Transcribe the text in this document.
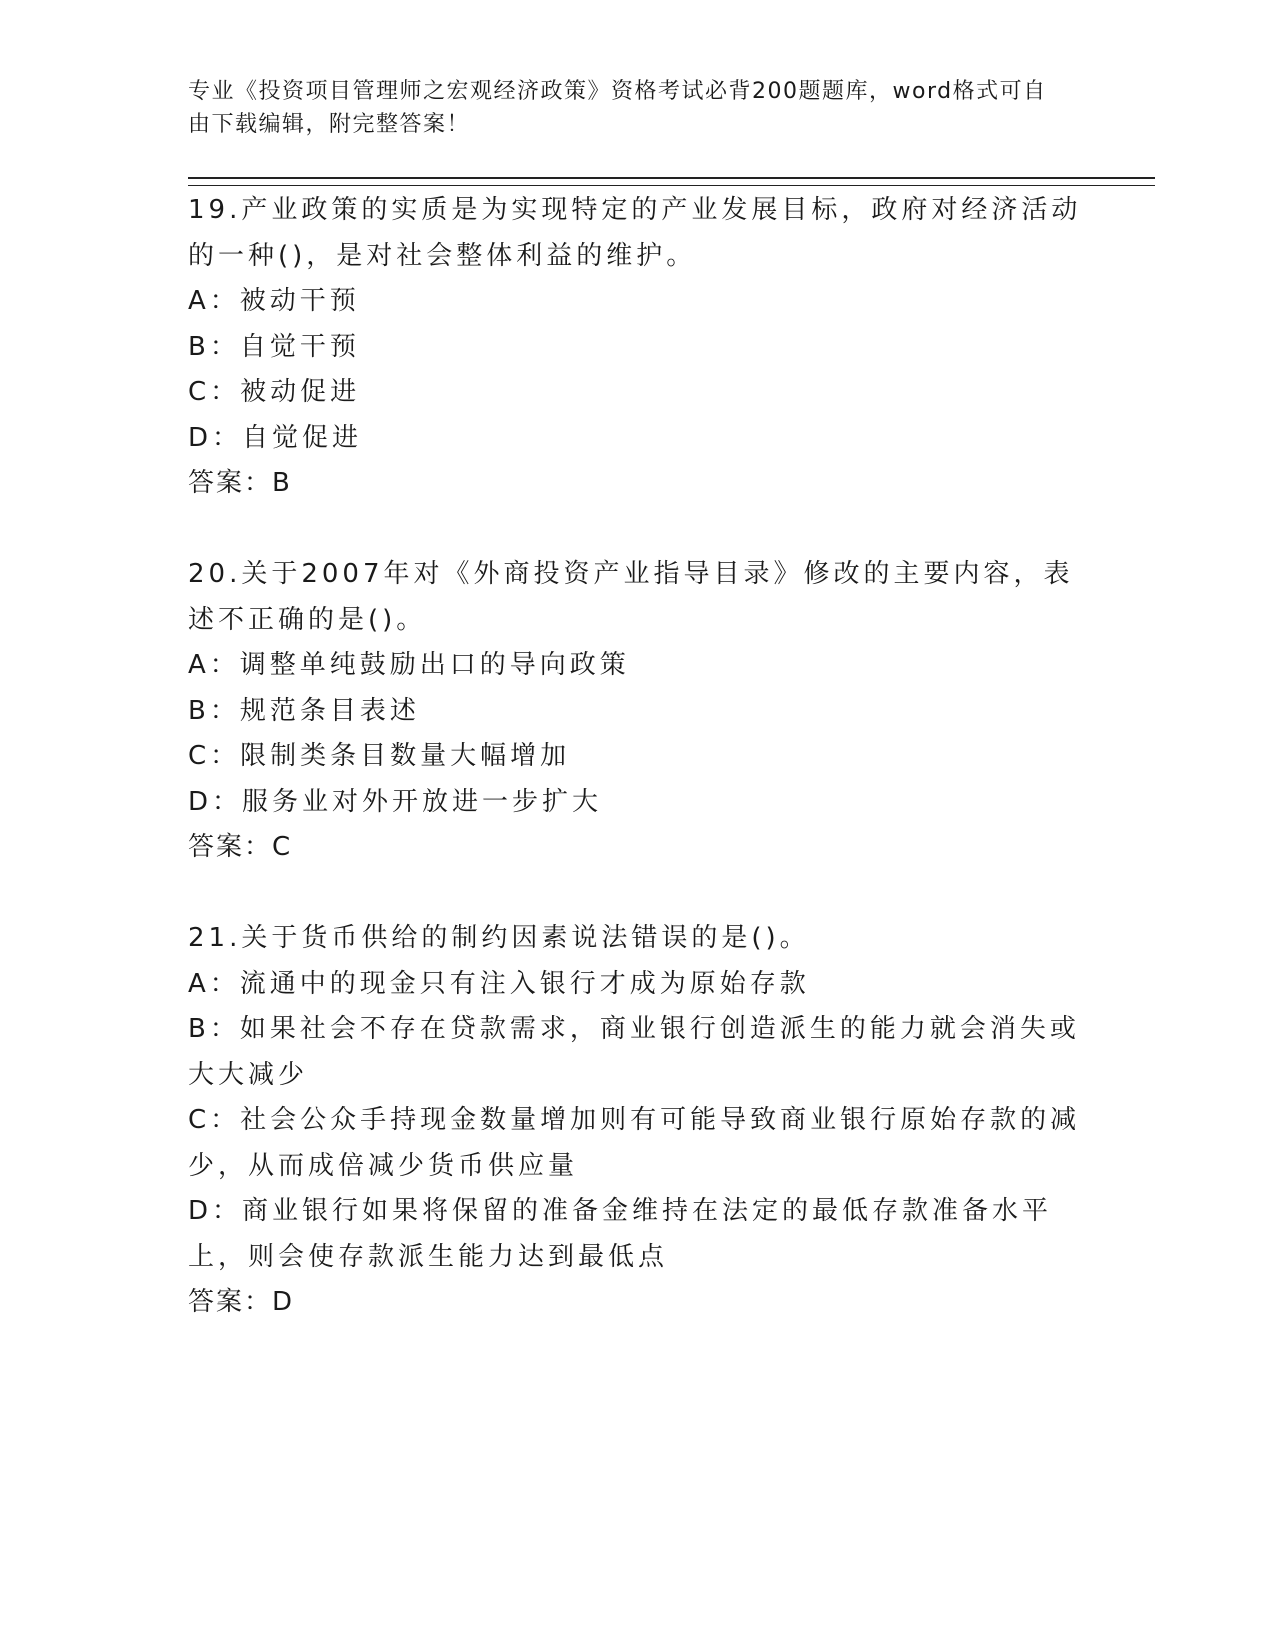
专业《投资项目管理师之宏观经济政策》资格考试必背200题题库，word格式可自由下载编辑，附完整答案！
19.产业政策的实质是为实现特定的产业发展目标，政府对经济活动的一种()，是对社会整体利益的维护。
A：被动干预
B：自觉干预
C：被动促进
D：自觉促进
答案：B
20.关于2007年对《外商投资产业指导目录》修改的主要内容，表述不正确的是()。
A：调整单纯鼓励出口的导向政策
B：规范条目表述
C：限制类条目数量大幅增加
D：服务业对外开放进一步扩大
答案：C
21.关于货币供给的制约因素说法错误的是()。
A：流通中的现金只有注入银行才成为原始存款
B：如果社会不存在贷款需求，商业银行创造派生的能力就会消失或大大减少
C：社会公众手持现金数量增加则有可能导致商业银行原始存款的减少，从而成倍减少货币供应量
D：商业银行如果将保留的准备金维持在法定的最低存款准备水平上，则会使存款派生能力达到最低点
答案：D
